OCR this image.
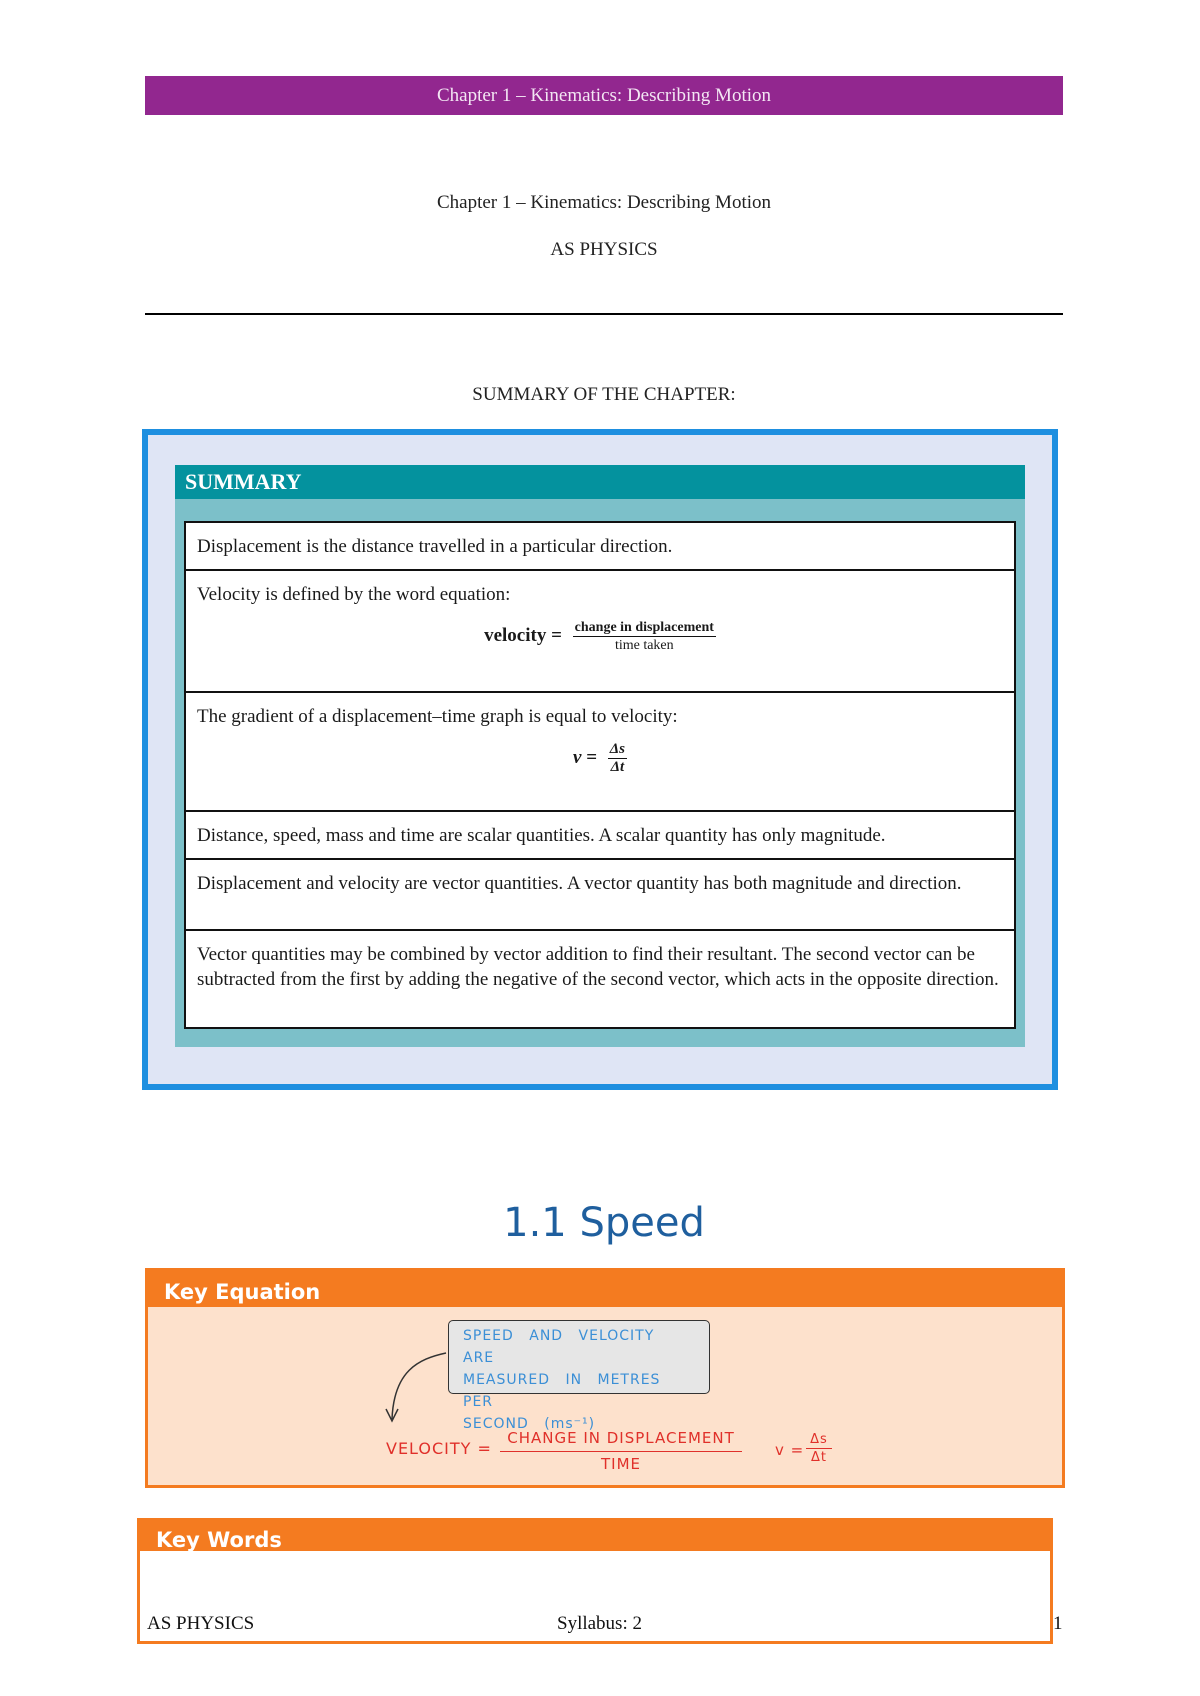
Chapter 1 – Kinematics: Describing Motion
Chapter 1 – Kinematics: Describing Motion
AS PHYSICS
SUMMARY OF THE CHAPTER:
SUMMARY
Displacement is the distance travelled in a particular direction.
Velocity is defined by the word equation:
velocity = $\frac{\text{change in displacement}}{\text{time taken}}$
The gradient of a displacement–time graph is equal to velocity:
$v = \frac{\Delta s}{\Delta t}$
Distance, speed, mass and time are scalar quantities. A scalar quantity has only magnitude.
Displacement and velocity are vector quantities. A vector quantity has both magnitude and direction.
Vector quantities may be combined by vector addition to find their resultant. The second vector can be subtracted from the first by adding the negative of the second vector, which acts in the opposite direction.
1.1 Speed
Key Equation
SPEED AND VELOCITY ARE
MEASURED IN METRES PER
SECOND (ms⁻¹)
VELOCITY =
CHANGE IN DISPLACEMENT
TIME
$v = \frac{\Delta s}{\Delta t}$
Key Words
AS PHYSICS	Syllabus: 2	1
